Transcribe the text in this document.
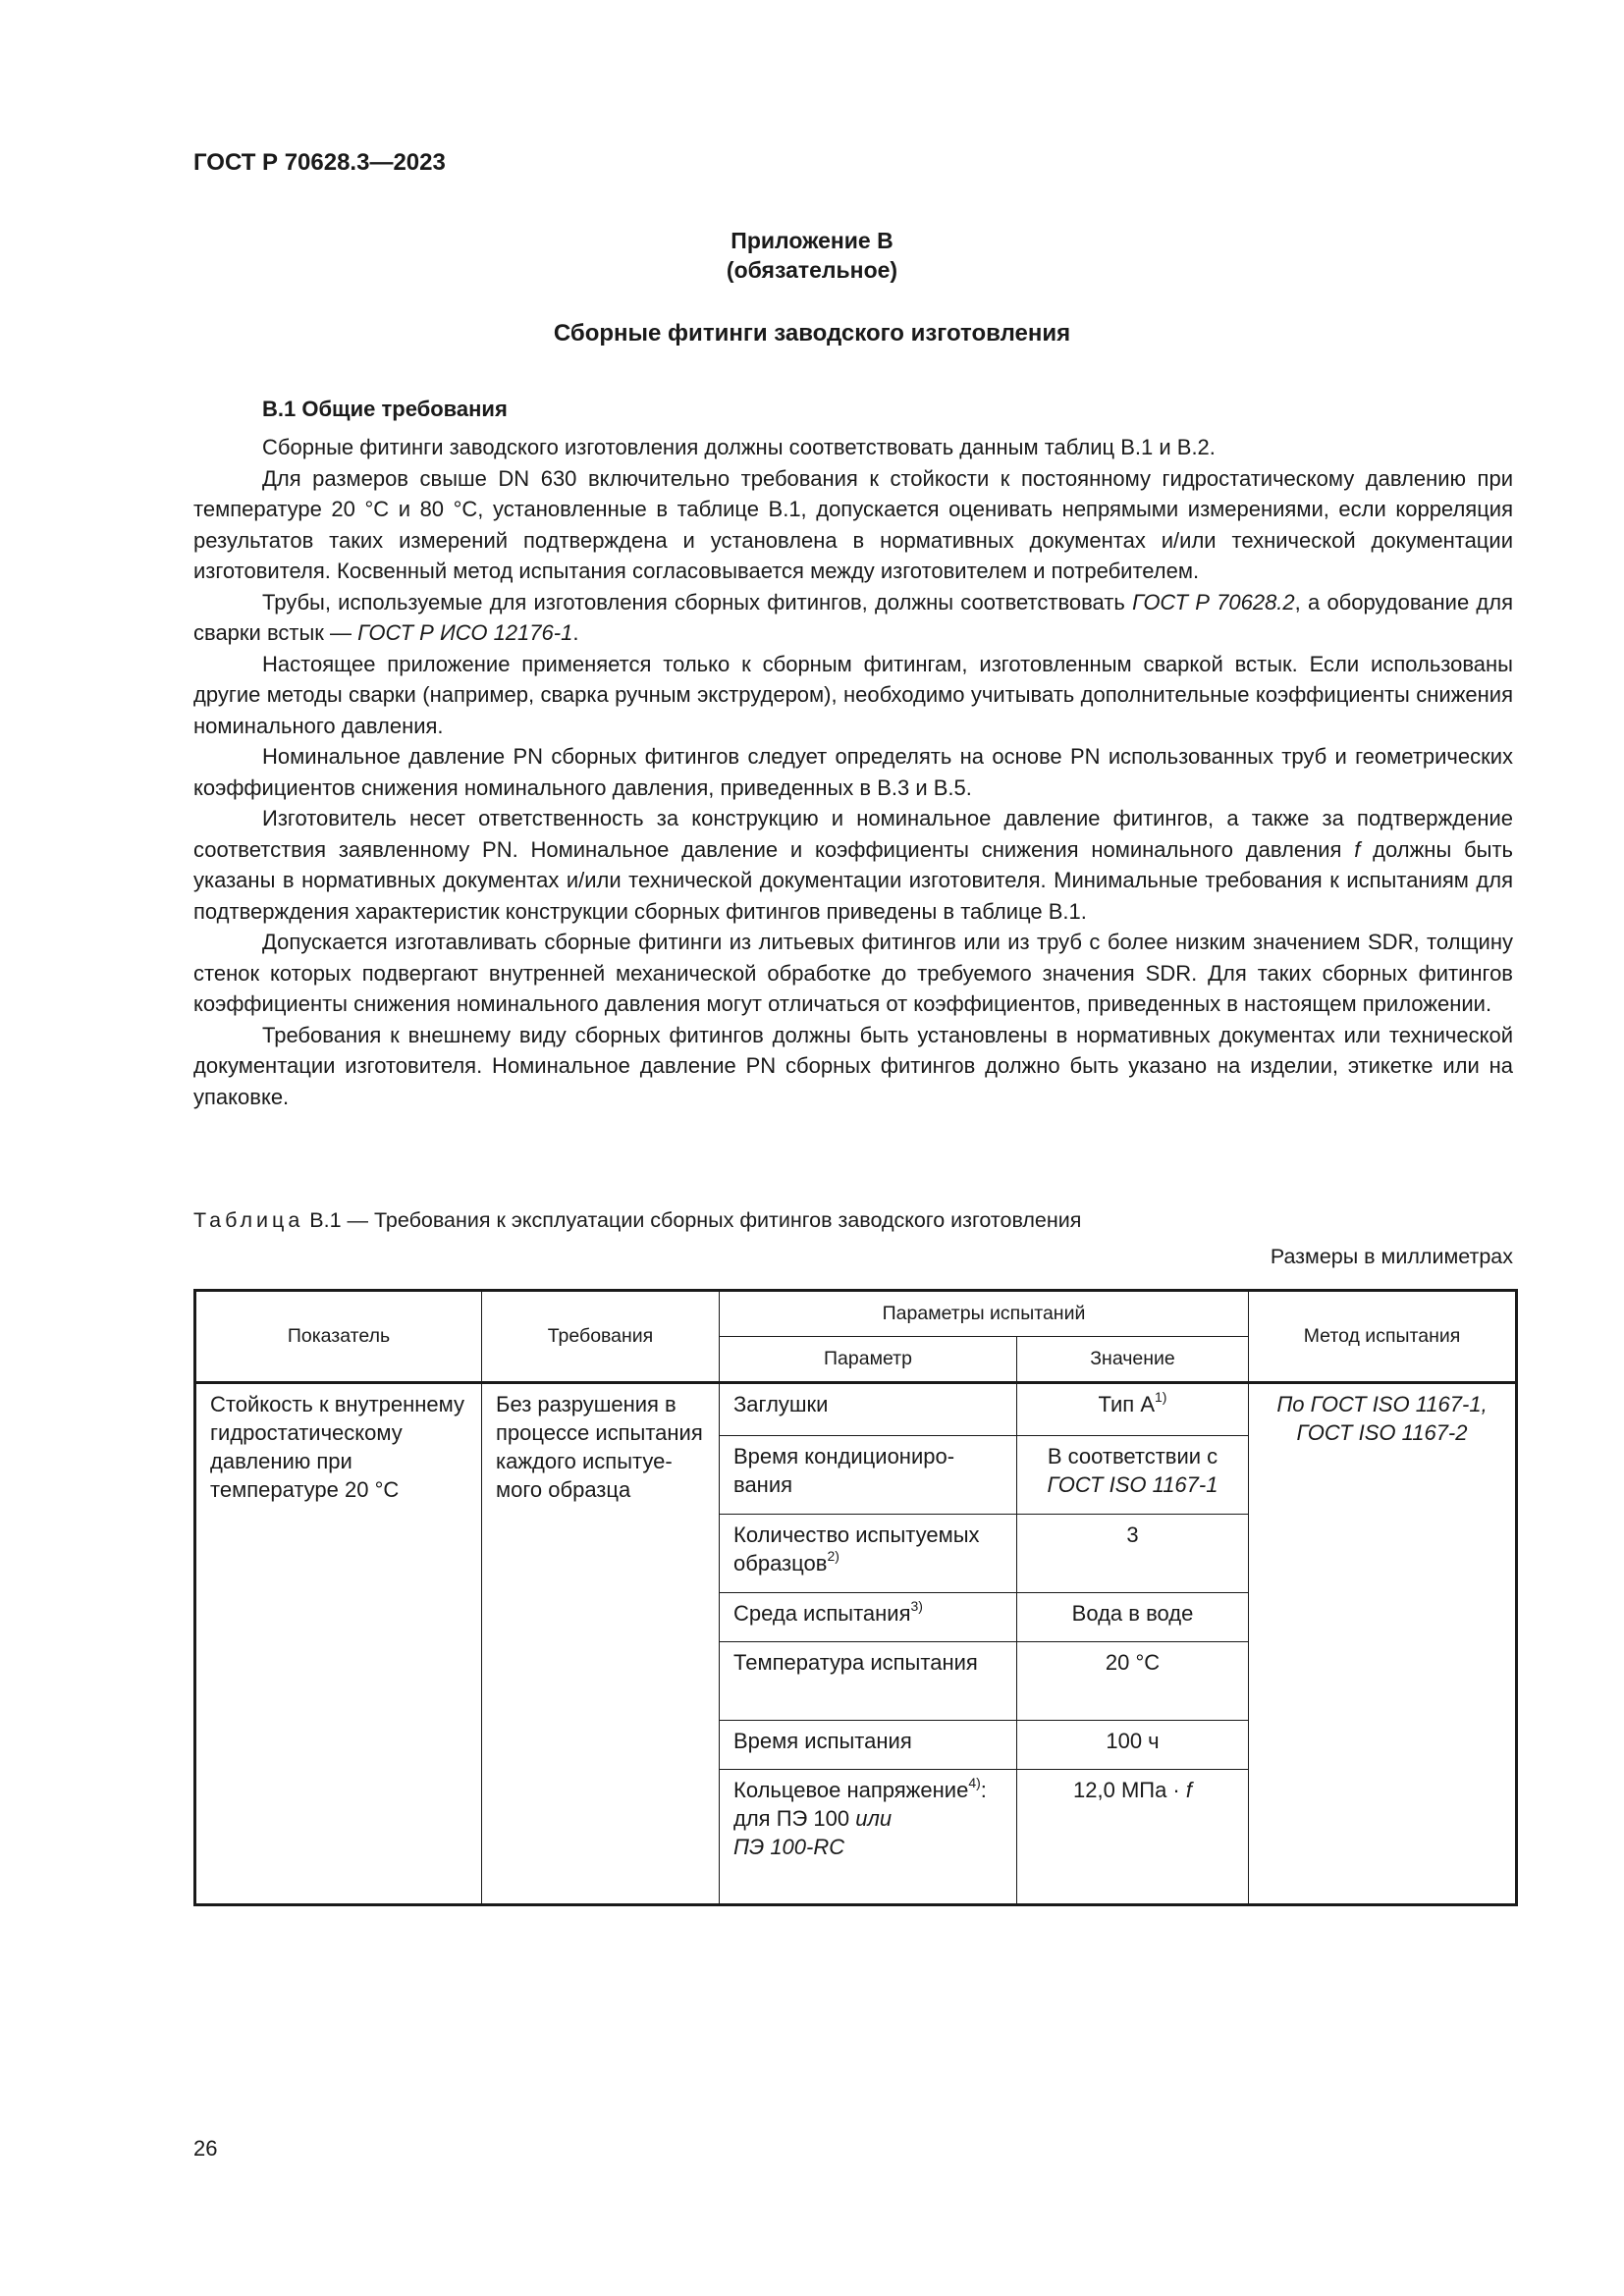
ГОСТ Р 70628.3—2023
Приложение В
(обязательное)
Сборные фитинги заводского изготовления
В.1 Общие требования

Сборные фитинги заводского изготовления должны соответствовать данным таблиц В.1 и В.2.

Для размеров свыше DN 630 включительно требования к стойкости к постоянному гидростатическому давлению при температуре 20 °C и 80 °C, установленные в таблице В.1, допускается оценивать непрямыми измерениями, если корреляция результатов таких измерений подтверждена и установлена в нормативных документах и/или технической документации изготовителя. Косвенный метод испытания согласовывается между изготовителем и потребителем.

Трубы, используемые для изготовления сборных фитингов, должны соответствовать ГОСТ Р 70628.2, а оборудование для сварки встык — ГОСТ Р ИСО 12176-1.

Настоящее приложение применяется только к сборным фитингам, изготовленным сваркой встык. Если использованы другие методы сварки (например, сварка ручным экструдером), необходимо учитывать дополнительные коэффициенты снижения номинального давления.

Номинальное давление PN сборных фитингов следует определять на основе PN использованных труб и геометрических коэффициентов снижения номинального давления, приведенных в В.3 и В.5.

Изготовитель несет ответственность за конструкцию и номинальное давление фитингов, а также за подтверждение соответствия заявленному PN. Номинальное давление и коэффициенты снижения номинального давления f должны быть указаны в нормативных документах и/или технической документации изготовителя. Минимальные требования к испытаниям для подтверждения характеристик конструкции сборных фитингов приведены в таблице В.1.

Допускается изготавливать сборные фитинги из литьевых фитингов или из труб с более низким значением SDR, толщину стенок которых подвергают внутренней механической обработке до требуемого значения SDR. Для таких сборных фитингов коэффициенты снижения номинального давления могут отличаться от коэффициентов, приведенных в настоящем приложении.

Требования к внешнему виду сборных фитингов должны быть установлены в нормативных документах или технической документации изготовителя. Номинальное давление PN сборных фитингов должно быть указано на изделии, этикетке или на упаковке.

Таблица В.1 — Требования к эксплуатации сборных фитингов заводского изготовления
Размеры в миллиметрах
Показатель	Требования	Параметры испытаний		Метод испытания
		Параметр	Значение	
Стойкость к внутреннему гидростатическому давлению при температуре 20 °C	Без разрушения в процессе испытания каждого испытуемого образца	Заглушки	Тип $А^{1)}$	По ГОСТ ISO 1167-1, ГОСТ ISO 1167-2
		Время кондиционирования	В соответствии с
ГОСТ ISO 1167-1	
		Количество испытуемых образцов$^{2)}$	3	
		Среда испытания$^{3)}$	Вода в воде	
		Температура испытания	20 °C	
		Время испытания	100 ч	
		Кольцевое напряжение$^{4)}$:
для ПЭ 100 или
ПЭ 100-RC	12,0 МПа · f	
26
